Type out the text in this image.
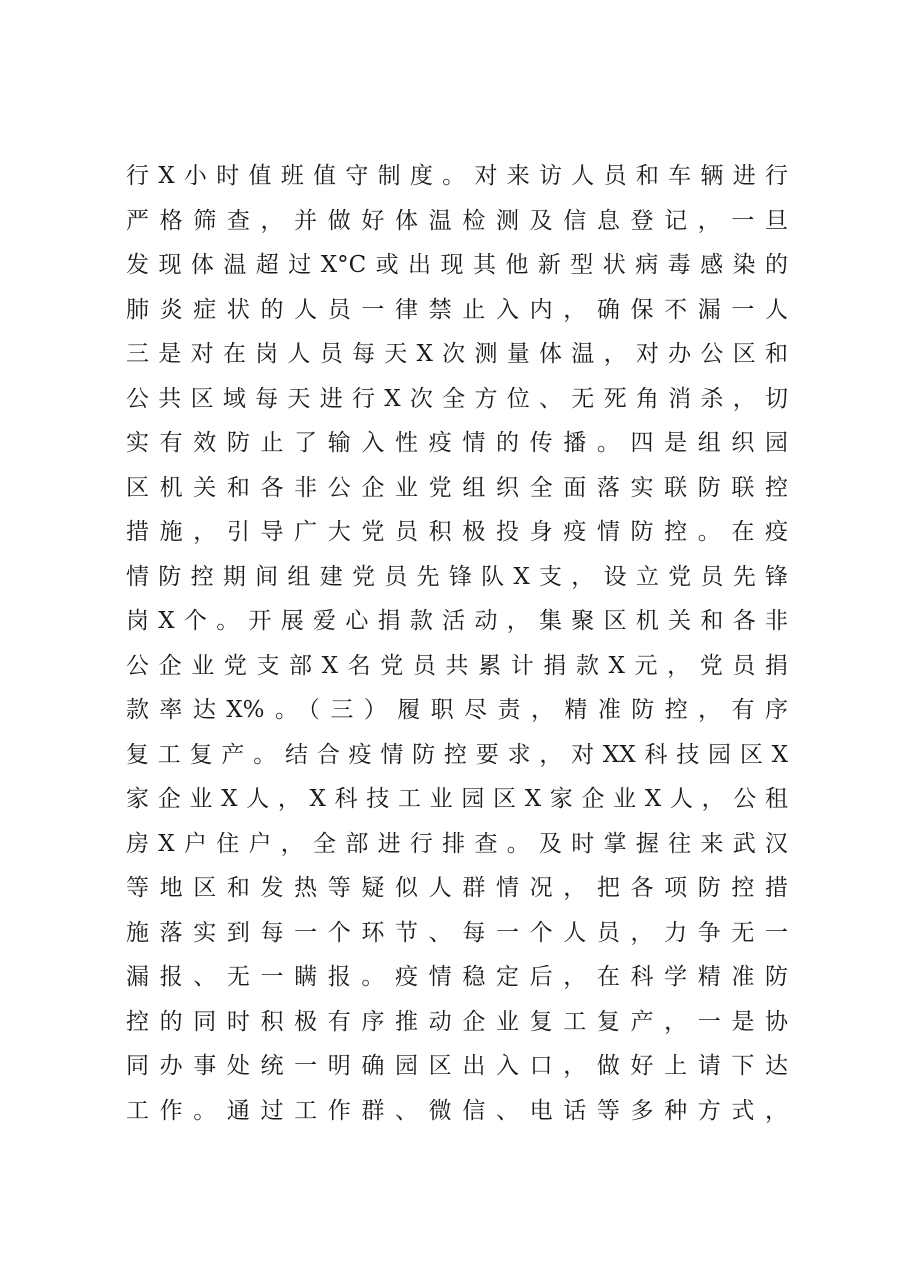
行X小时值班值守制度。对来访人员和车辆进行
严格筛查，并做好体温检测及信息登记，一旦
发现体温超过X°C或出现其他新型状病毒感染的
肺炎症状的人员一律禁止入内，确保不漏一人
三是对在岗人员每天X次测量体温，对办公区和
公共区域每天进行X次全方位、无死角消杀，切
实有效防止了输入性疫情的传播。四是组织园
区机关和各非公企业党组织全面落实联防联控
措施，引导广大党员积极投身疫情防控。在疫
情防控期间组建党员先锋队X支，设立党员先锋
岗X个。开展爱心捐款活动，集聚区机关和各非
公企业党支部X名党员共累计捐款X元，党员捐
款率达X%。（三）履职尽责，精准防控，有序
复工复产。结合疫情防控要求，对XX科技园区X
家企业X人，X科技工业园区X家企业X人，公租
房X户住户，全部进行排查。及时掌握往来武汉
等地区和发热等疑似人群情况，把各项防控措
施落实到每一个环节、每一个人员，力争无一
漏报、无一瞒报。疫情稳定后，在科学精准防
控的同时积极有序推动企业复工复产，一是协
同办事处统一明确园区出入口，做好上请下达
工作。通过工作群、微信、电话等多种方式，
